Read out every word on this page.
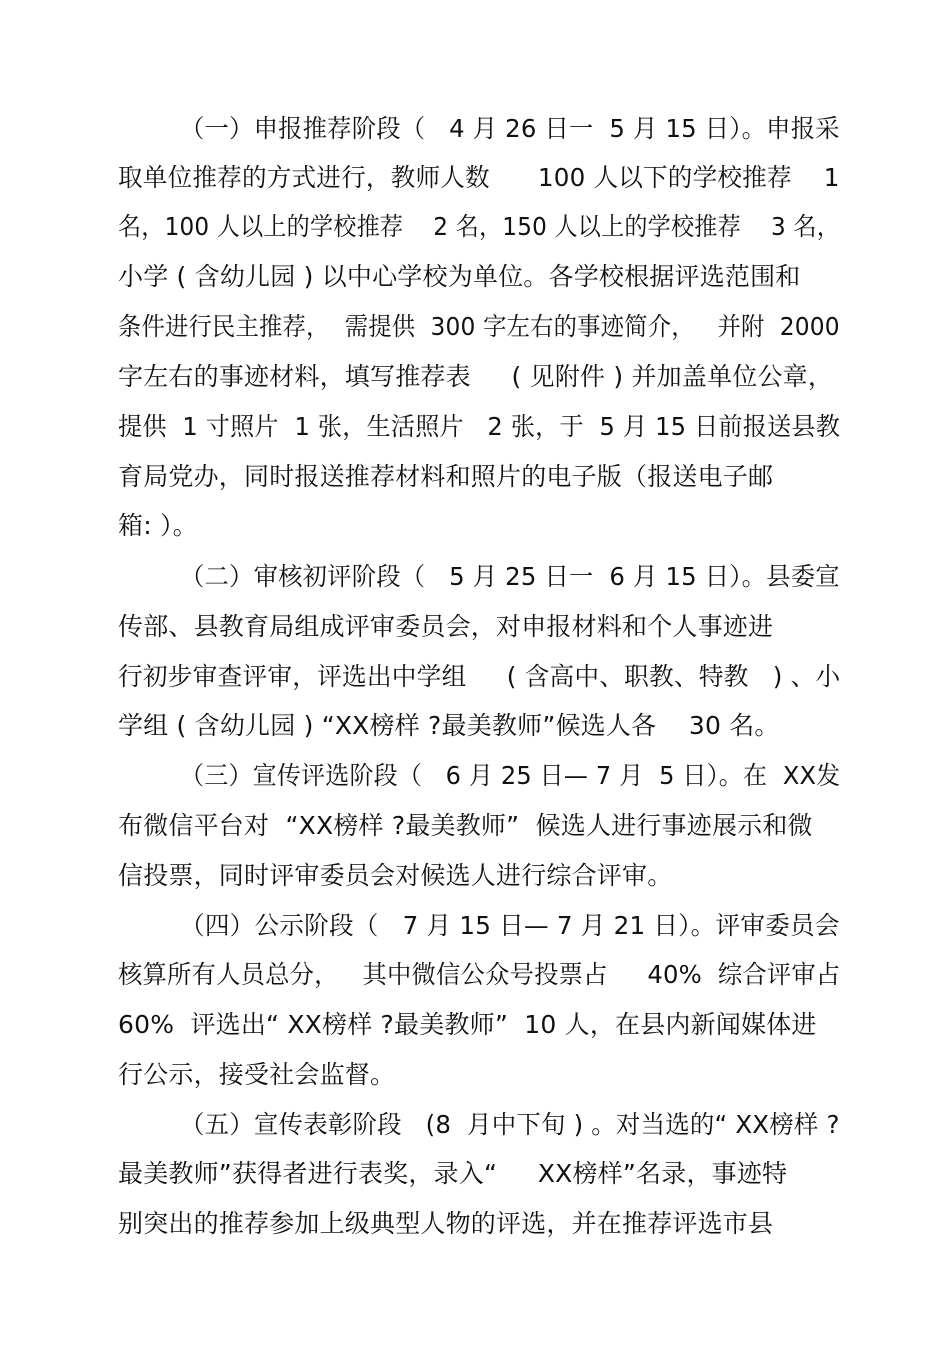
（一）申报推荐阶段（   4 月 26 日一  5 月 15 日）。申报采
取单位推荐的方式进行，教师人数      100 人以下的学校推荐    1
名，100 人以上的学校推荐    2 名，150 人以上的学校推荐    3 名，
小学 ( 含幼儿园 ) 以中心学校为单位。各学校根据评选范围和
条件进行民主推荐，  需提供  300 字左右的事迹简介，   并附  2000
字左右的事迹材料，填写推荐表     ( 见附件 ) 并加盖单位公章，
提供  1 寸照片  1 张，生活照片   2 张，于  5 月 15 日前报送县教
育局党办，同时报送推荐材料和照片的电子版（报送电子邮
箱: ）。
（二）审核初评阶段（   5 月 25 日一  6 月 15 日）。县委宣
传部、县教育局组成评审委员会，对申报材料和个人事迹进
行初步审查评审，评选出中学组     ( 含高中、职教、特教   ) 、小
学组 ( 含幼儿园 ) “XX榜样 ?最美教师”候选人各    30 名。
（三）宣传评选阶段（   6 月 25 日— 7 月  5 日）。在  XX发
布微信平台对  “XX榜样 ?最美教师”  候选人进行事迹展示和微
信投票，同时评审委员会对候选人进行综合评审。
（四）公示阶段（   7 月 15 日— 7 月 21 日）。评审委员会
核算所有人员总分，   其中微信公众号投票占     40%  综合评审占
60%  评选出“ XX榜样 ?最美教师”  10 人，在县内新闻媒体进
行公示，接受社会监督。
（五）宣传表彰阶段   (8  月中下旬 ) 。对当选的“ XX榜样 ?
最美教师”获得者进行表奖，录入“     XX榜样”名录，事迹特
别突出的推荐参加上级典型人物的评选，并在推荐评选市县
